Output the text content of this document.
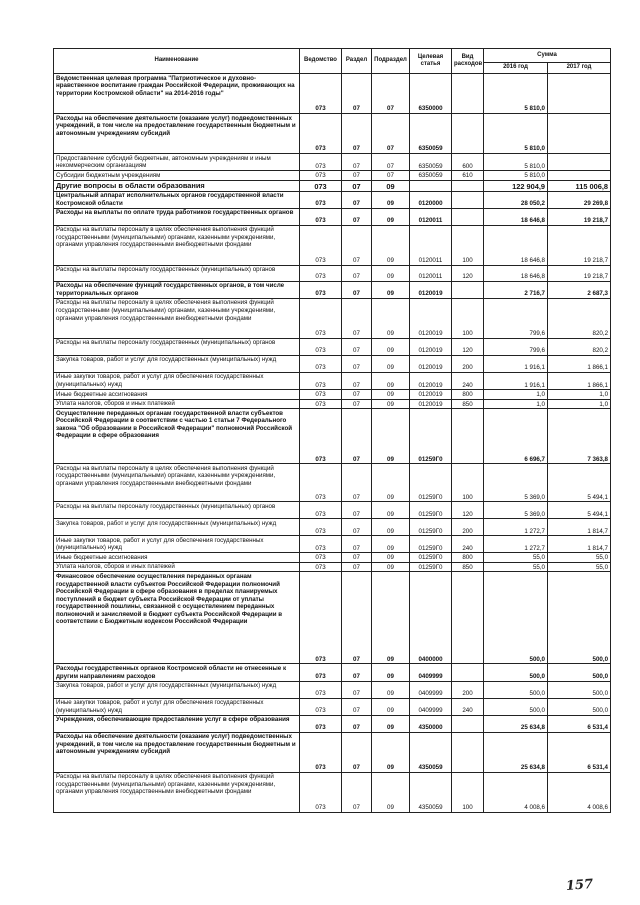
Наименование	Ведомство	Раздел	Подраздел	Целевая статья	Вид расходов	Сумма	
						2016 год	2017 год
Ведомственная целевая программа "Патриотическое и духовно-нравственное воспитание граждан Российской Федерации, проживающих на территории Костромской области" на 2014-2016 годы"	073	07	07	6350000		5 810,0	
Расходы на обеспечение деятельности (оказание услуг) подведомственных учреждений, в том числе на предоставление государственным бюджетным и автономным учреждениям субсидий	073	07	07	6350059		5 810,0	
Предоставление субсидий бюджетным, автономным учреждениям и иным некоммерческим организациям	073	07	07	6350059	600	5 810,0	
Субсидии бюджетным учреждениям	073	07	07	6350059	610	5 810,0	
Другие вопросы в области образования	073	07	09			122 904,9	115 006,8
Центральный аппарат исполнительных органов государственной власти Костромской области	073	07	09	0120000		28 050,2	29 269,8
Расходы на выплаты по оплате труда работников государственных органов	073	07	09	0120011		18 646,8	19 218,7
Расходы на выплаты персоналу в целях обеспечения выполнения функций государственными (муниципальными) органами, казенными учреждениями, органами управления государственными внебюджетными фондами	073	07	09	0120011	100	18 646,8	19 218,7
Расходы на выплаты персоналу государственных (муниципальных) органов	073	07	09	0120011	120	18 646,8	19 218,7
Расходы на обеспечение функций государственных органов, в том числе территориальных органов	073	07	09	0120019		2 716,7	2 687,3
Расходы на выплаты персоналу в целях обеспечения выполнения функций государственными (муниципальными) органами, казенными учреждениями, органами управления государственными внебюджетными фондами	073	07	09	0120019	100	799,6	820,2
Расходы на выплаты персоналу государственных (муниципальных) органов	073	07	09	0120019	120	799,6	820,2
Закупка товаров, работ и услуг для государственных (муниципальных) нужд	073	07	09	0120019	200	1 916,1	1 866,1
Иные закупки товаров, работ и услуг для обеспечения государственных (муниципальных) нужд	073	07	09	0120019	240	1 916,1	1 866,1
Иные бюджетные ассигнования	073	07	09	0120019	800	1,0	1,0
Уплата налогов, сборов и иных платежей	073	07	09	0120019	850	1,0	1,0
Осуществление переданных органам государственной власти субъектов Российской Федерации в соответствии с частью 1 статьи 7 Федерального закона "Об образовании в Российской Федерации" полномочий Российской Федерации в сфере образования	073	07	09	01259Г0		6 696,7	7 363,8
Расходы на выплаты персоналу в целях обеспечения выполнения функций государственными (муниципальными) органами, казенными учреждениями, органами управления государственными внебюджетными фондами	073	07	09	01259Г0	100	5 369,0	5 494,1
Расходы на выплаты персоналу государственных (муниципальных) органов	073	07	09	01259Г0	120	5 369,0	5 494,1
Закупка товаров, работ и услуг для государственных (муниципальных) нужд	073	07	09	01259Г0	200	1 272,7	1 814,7
Иные закупки товаров, работ и услуг для обеспечения государственных (муниципальных) нужд	073	07	09	01259Г0	240	1 272,7	1 814,7
Иные бюджетные ассигнования	073	07	09	01259Г0	800	55,0	55,0
Уплата налогов, сборов и иных платежей	073	07	09	01259Г0	850	55,0	55,0
Финансовое обеспечение осуществления переданных органам государственной власти субъектов Российской Федерации полномочий Российской Федерации в сфере образования в пределах планируемых поступлений в бюджет субъекта Российской Федерации от уплаты государственной пошлины, связанной с осуществлением переданных полномочий и зачисляемой в бюджет субъекта Российской Федерации в соответствии с Бюджетным кодексом Российской Федерации	073	07	09	0400000		500,0	500,0
Расходы государственных органов Костромской области не отнесенные к другим направлениям расходов	073	07	09	0409999		500,0	500,0
Закупка товаров, работ и услуг для государственных (муниципальных) нужд	073	07	09	0409999	200	500,0	500,0
Иные закупки товаров, работ и услуг для обеспечения государственных (муниципальных) нужд	073	07	09	0409999	240	500,0	500,0
Учреждения, обеспечивающие предоставление услуг в сфере образования	073	07	09	4350000		25 634,8	6 531,4
Расходы на обеспечение деятельности (оказание услуг) подведомственных учреждений, в том числе на предоставление государственным бюджетным и автономным учреждениям субсидий	073	07	09	4350059		25 634,8	6 531,4
Расходы на выплаты персоналу в целях обеспечения выполнения функций государственными (муниципальными) органами, казенными учреждениями, органами управления государственными внебюджетными фондами	073	07	09	4350059	100	4 008,6	4 008,6
157
